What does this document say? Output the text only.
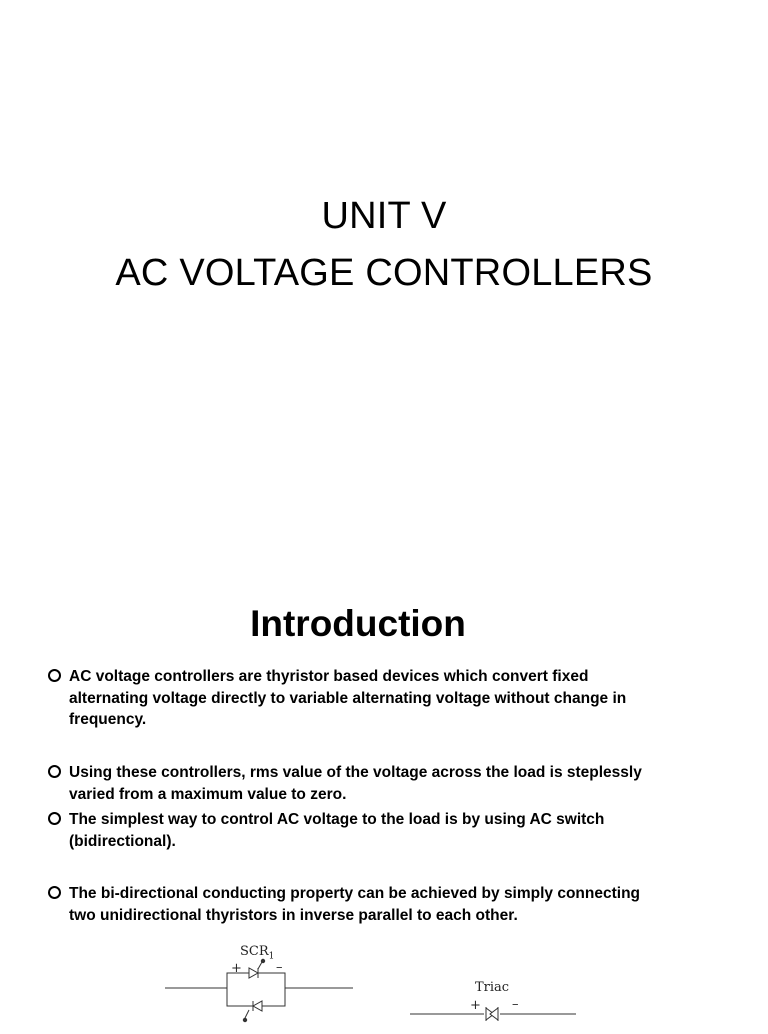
UNIT V
AC VOLTAGE CONTROLLERS
Introduction
AC voltage controllers are thyristor based devices which convert fixed alternating voltage directly to variable alternating voltage without change in frequency.
Using these controllers, rms value of the voltage across the load is steplessly varied from a maximum value to zero.
The simplest way to control AC voltage to the load is by using AC switch (bidirectional).
The bi-directional conducting property can be achieved by simply connecting two unidirectional thyristors in inverse parallel to each other.
$SCR_1$
+	–
Triac
+ –
